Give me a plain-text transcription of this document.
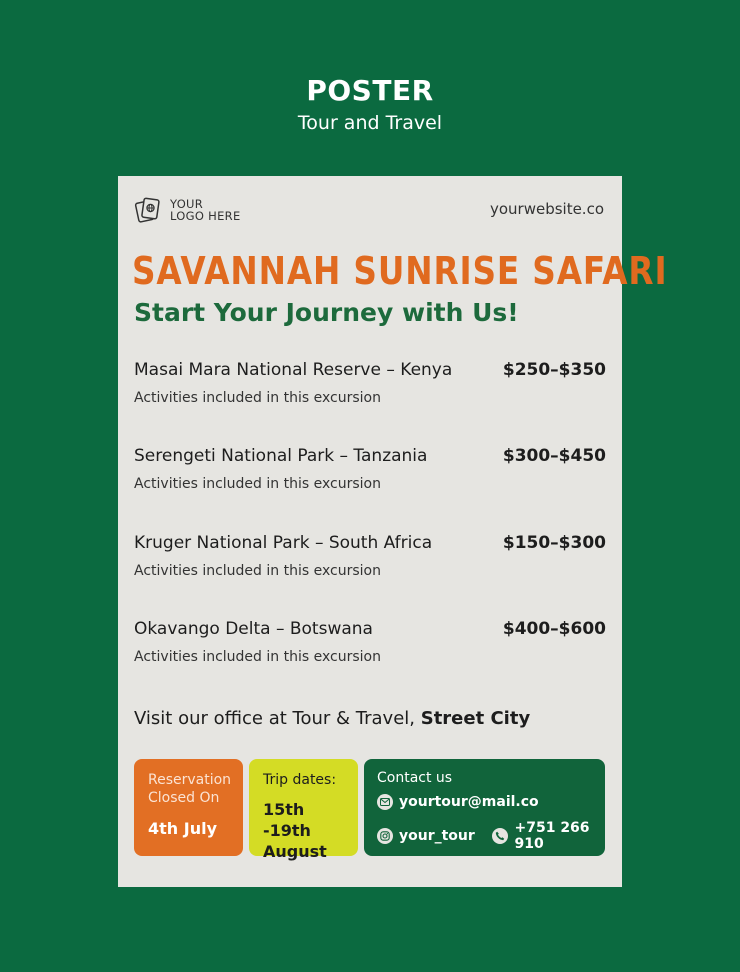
POSTER
Tour and Travel
YOUR
LOGO HERE	yourwebsite.co
SAVANNAH SUNRISE SAFARI
Start Your Journey with Us!
Masai Mara National Reserve – Kenya	$250–$350
Activities included in this excursion
Serengeti National Park – Tanzania	$300–$450
Activities included in this excursion
Kruger National Park – South Africa	$150–$300
Activities included in this excursion
Okavango Delta – Botswana	$400–$600
Activities included in this excursion
Visit our office at Tour & Travel, Street City
Reservation
Closed On
4th July
Trip dates:
15th -19th
August
Contact us
yourtour@mail.co
your_tour	+751 266 910
